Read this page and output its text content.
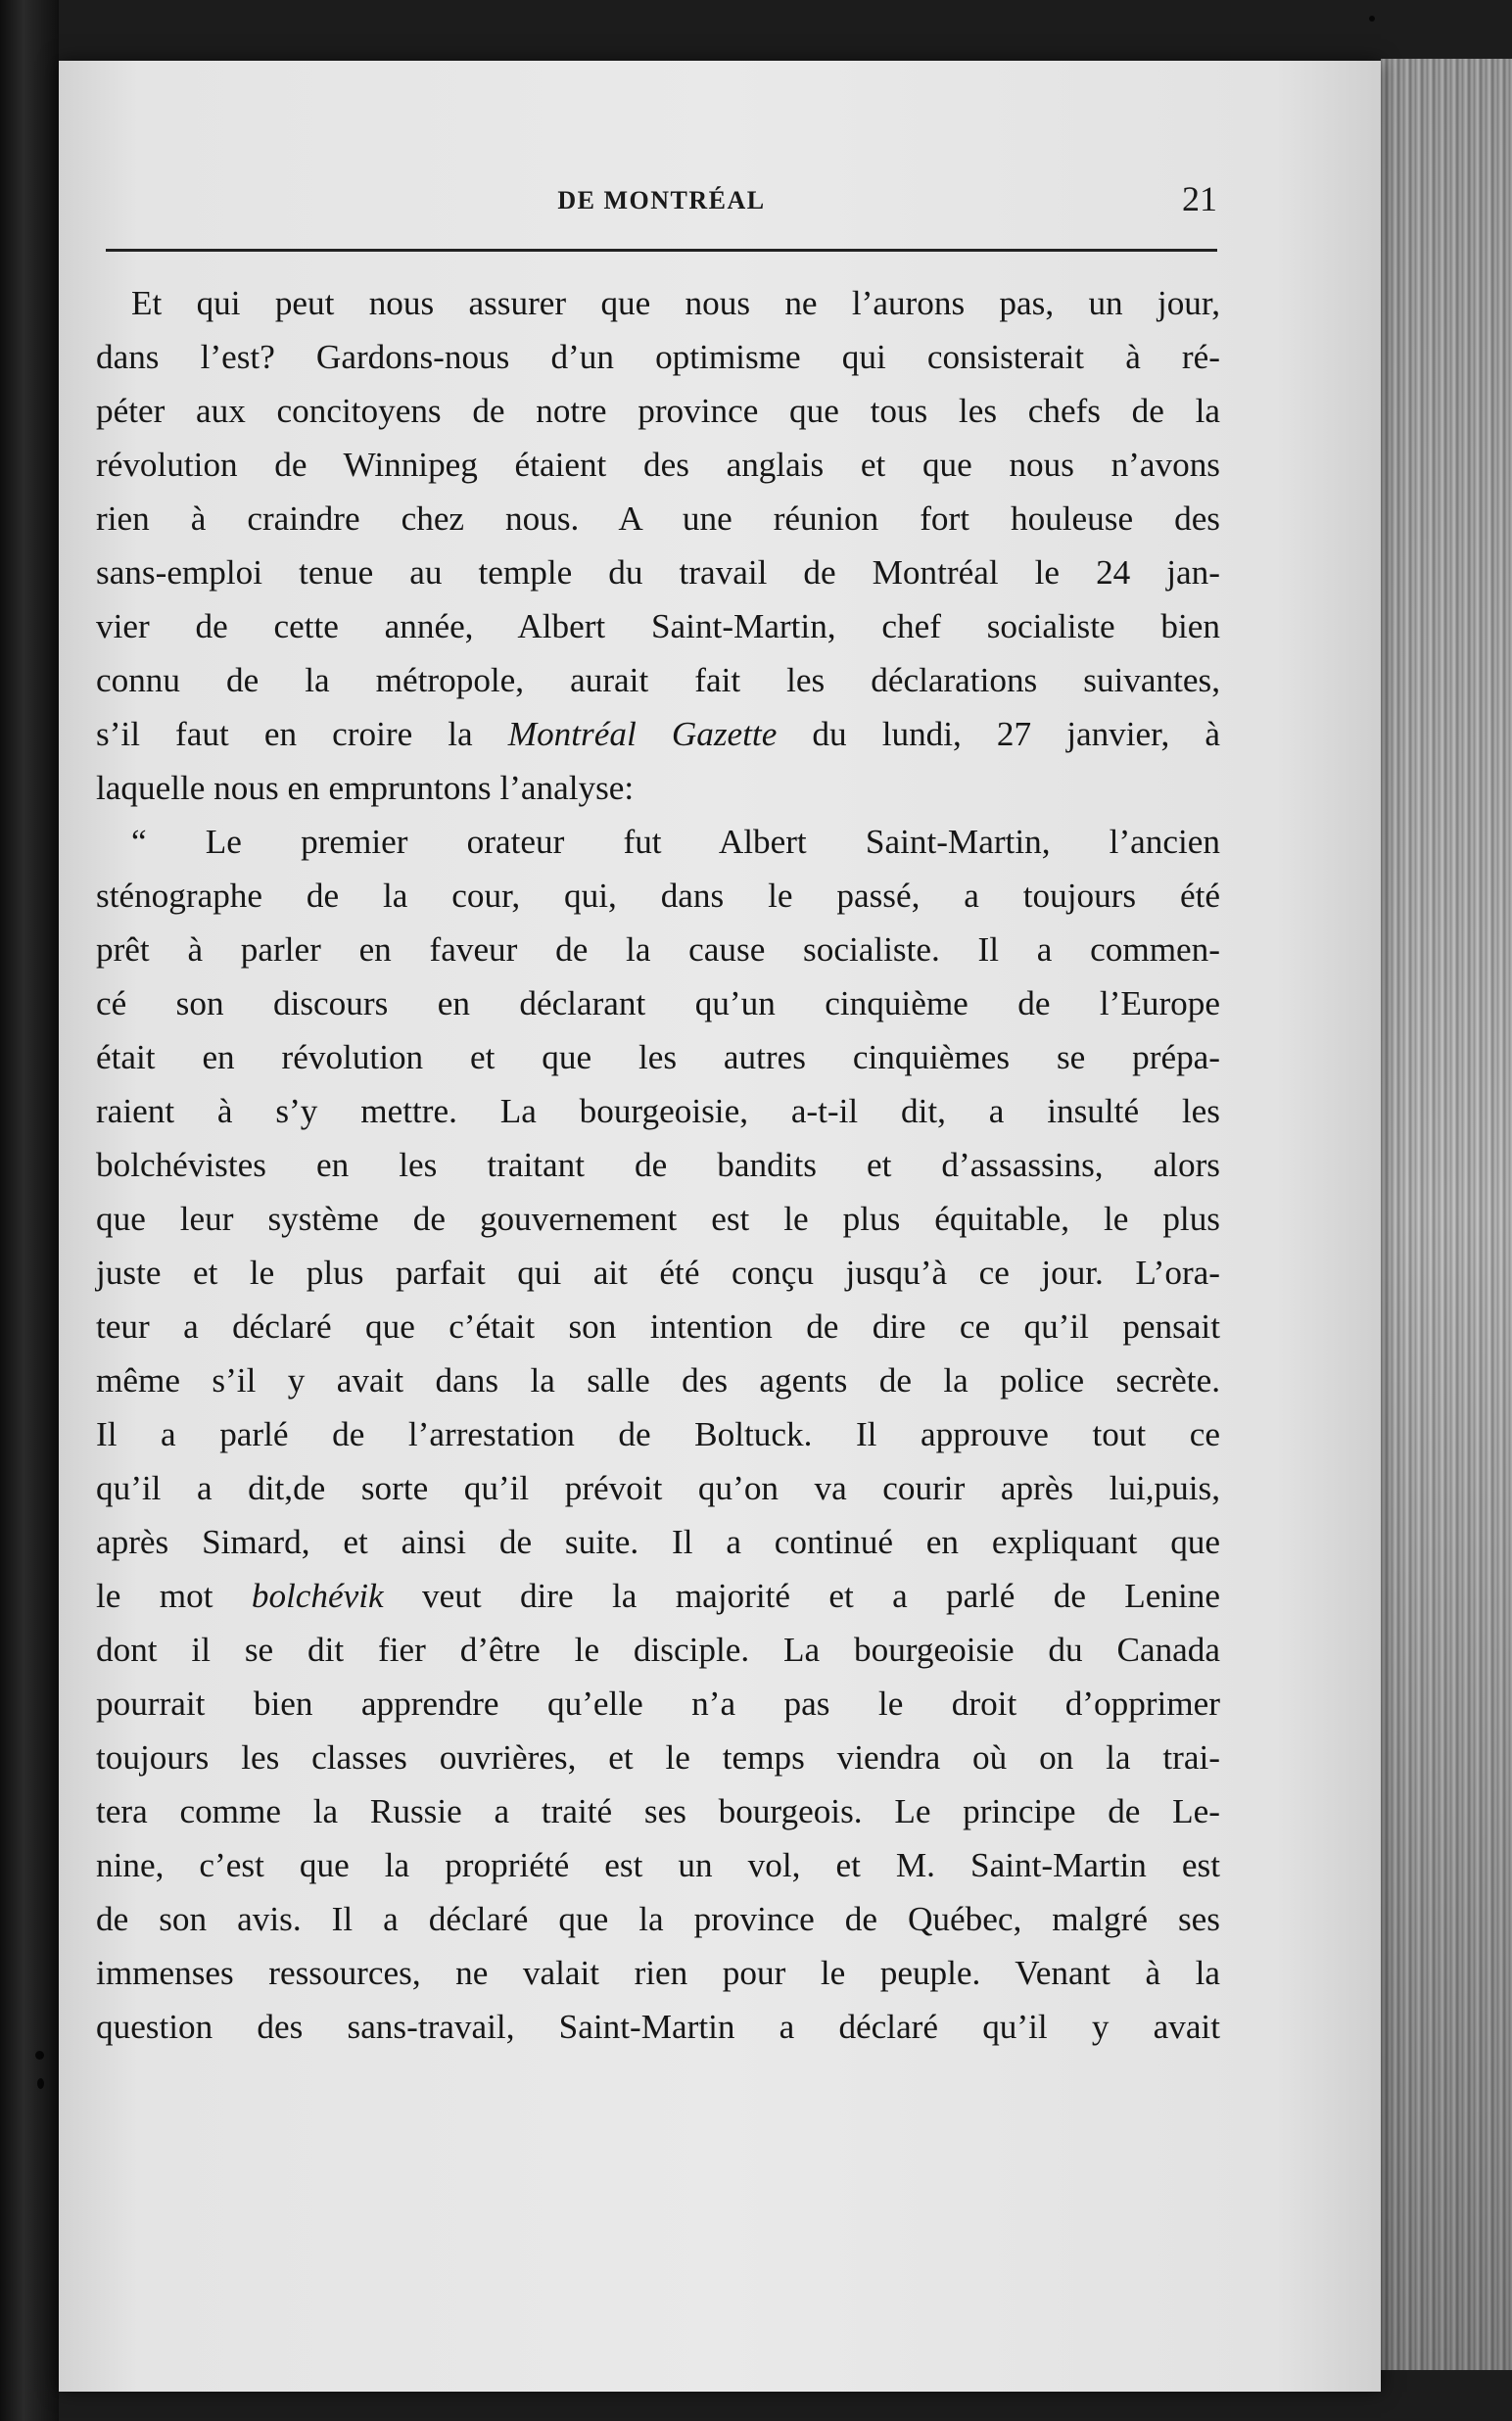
DE MONTRÉAL	21
Et qui peut nous assurer que nous ne l’aurons pas, un jour,
dans l’est? Gardons-nous d’un optimisme qui consisterait à ré-
péter aux concitoyens de notre province que tous les chefs de la
révolution de Winnipeg étaient des anglais et que nous n’avons
rien à craindre chez nous. A une réunion fort houleuse des
sans-emploi tenue au temple du travail de Montréal le 24 jan-
vier de cette année, Albert Saint-Martin, chef socialiste bien
connu de la métropole, aurait fait les déclarations suivantes,
s’il faut en croire la Montréal Gazette du lundi, 27 janvier, à
laquelle nous en empruntons l’analyse:
“ Le premier orateur fut Albert Saint-Martin, l’ancien
sténographe de la cour, qui, dans le passé, a toujours été
prêt à parler en faveur de la cause socialiste. Il a commen-
cé son discours en déclarant qu’un cinquième de l’Europe
était en révolution et que les autres cinquièmes se prépa-
raient à s’y mettre. La bourgeoisie, a-t-il dit, a insulté les
bolchévistes en les traitant de bandits et d’assassins, alors
que leur système de gouvernement est le plus équitable, le plus
juste et le plus parfait qui ait été conçu jusqu’à ce jour. L’ora-
teur a déclaré que c’était son intention de dire ce qu’il pensait
même s’il y avait dans la salle des agents de la police secrète.
Il a parlé de l’arrestation de Boltuck. Il approuve tout ce
qu’il a dit,de sorte qu’il prévoit qu’on va courir après lui,puis,
après Simard, et ainsi de suite. Il a continué en expliquant que
le mot bolchévik veut dire la majorité et a parlé de Lenine
dont il se dit fier d’être le disciple. La bourgeoisie du Canada
pourrait bien apprendre qu’elle n’a pas le droit d’opprimer
toujours les classes ouvrières, et le temps viendra où on la trai-
tera comme la Russie a traité ses bourgeois. Le principe de Le-
nine, c’est que la propriété est un vol, et M. Saint-Martin est
de son avis. Il a déclaré que la province de Québec, malgré ses
immenses ressources, ne valait rien pour le peuple. Venant à la
question des sans-travail, Saint-Martin a déclaré qu’il y avait
